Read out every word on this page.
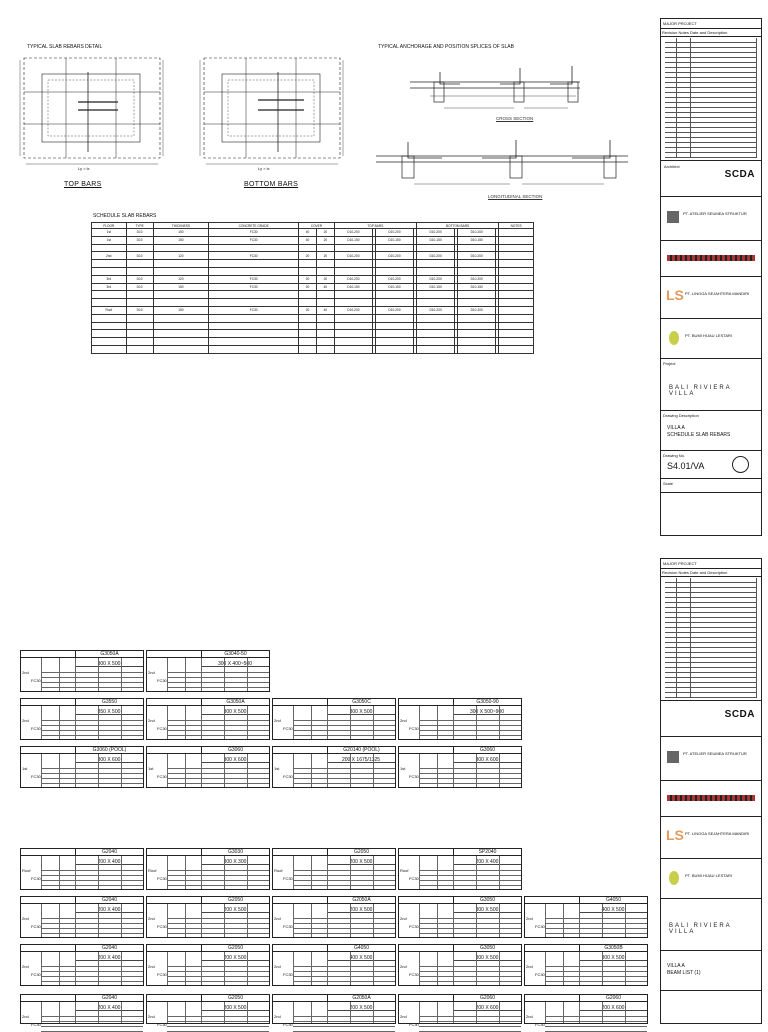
TYPICAL SLAB REBARS DETAIL	TYPICAL ANCHORAGE AND POSITION SPLICES OF SLAB
Ly > lx
TOP BARS
Ly > lx
BOTTOM BARS
CROSS SECTION
LONGITUDINAL SECTION
SCHEDULE SLAB REBARS
FLOOR	TYPE	THICKNESS	CONCRETE GRADE	COVER		TOP BARS				BOTTOM BARS				NOTES
1st	D10	150	FC30	40	20	D10-200		D10-200		D10-200		D10-200		
1st	D10	150	FC30	40	20	D10-150		D10-150		D10-150		D10-150		

2nd	D10	120	FC30	20	20	D10-200		D10-200		D10-200		D10-200		

3rd	D10	120	FC30	20	20	D10-200		D10-200		D10-200		D10-200		
3rd	D10	150	FC30	20	40	D10-150		D10-150		D10-150		D10-150		

Roof	D10	150	FC30	20	40	D10-200		D10-200		D10-200		D10-200		

MAJOR PROJECT
Revision Notes Date and Description
Architect
SCDA
PT. ATELIER SEUMEA STRUKTUR
LS PT. LINGGA SEJAHTERA MANDIRI
PT. BUMI HIJAU LESTARI
Project
BALI RIVIERA VILLA
Drawing Description
VILLA A
SCHEDULE SLAB REBARS
Drawing No.
S4.01/VA
Scale
MAJOR PROJECT
Revision Notes Date and Description
SCDA
PT. ATELIER SEUMEA STRUKTUR
LS PT. LINGGA SEJAHTERA MANDIRI
PT. BUMI HIJAU LESTARI
BALI RIVIERA VILLA
VILLA A
BEAM LIST (1)
G3050A
300 X 500
2nd
FC30
G3040-50
300 X 400~500
2nd
FC30
G3550
350 X 500
2nd
FC30
G3050A
300 X 500
2nd
FC30
G3050C
300 X 500
2nd
FC30
G3050-90
300 X 500~900
2nd
FC30
G3060 (POOL)
300 X 600
1st
FC30
G3060
300 X 600
1st
FC30
G20140 (POOL)
200 X 1675/1325
1st
FC30
G3060
300 X 600
1st
FC30
G2040
200 X 400
Roof
FC30
G3030
300 X 300
Roof
FC30
G2050
200 X 500
Roof
FC30
SP2040
200 X 400
Roof
FC30
G2040
200 X 400
2nd
FC30
G2050
200 X 500
2nd
FC30
G2050A
200 X 500
2nd
FC30
G3050
300 X 500
2nd
FC30
G4050
400 X 500
2nd
FC30
G2040
200 X 400
2nd
FC30
G2050
200 X 500
2nd
FC30
G4050
400 X 500
2nd
FC30
G3050
300 X 500
2nd
FC30
G3050B
300 X 500
2nd
FC30
G2040
200 X 400
2nd
FC30
G2050
200 X 500
2nd
FC30
G2050A
200 X 500
2nd
FC30
G2060
200 X 600
2nd
FC30
G2060
200 X 600
2nd
FC30
